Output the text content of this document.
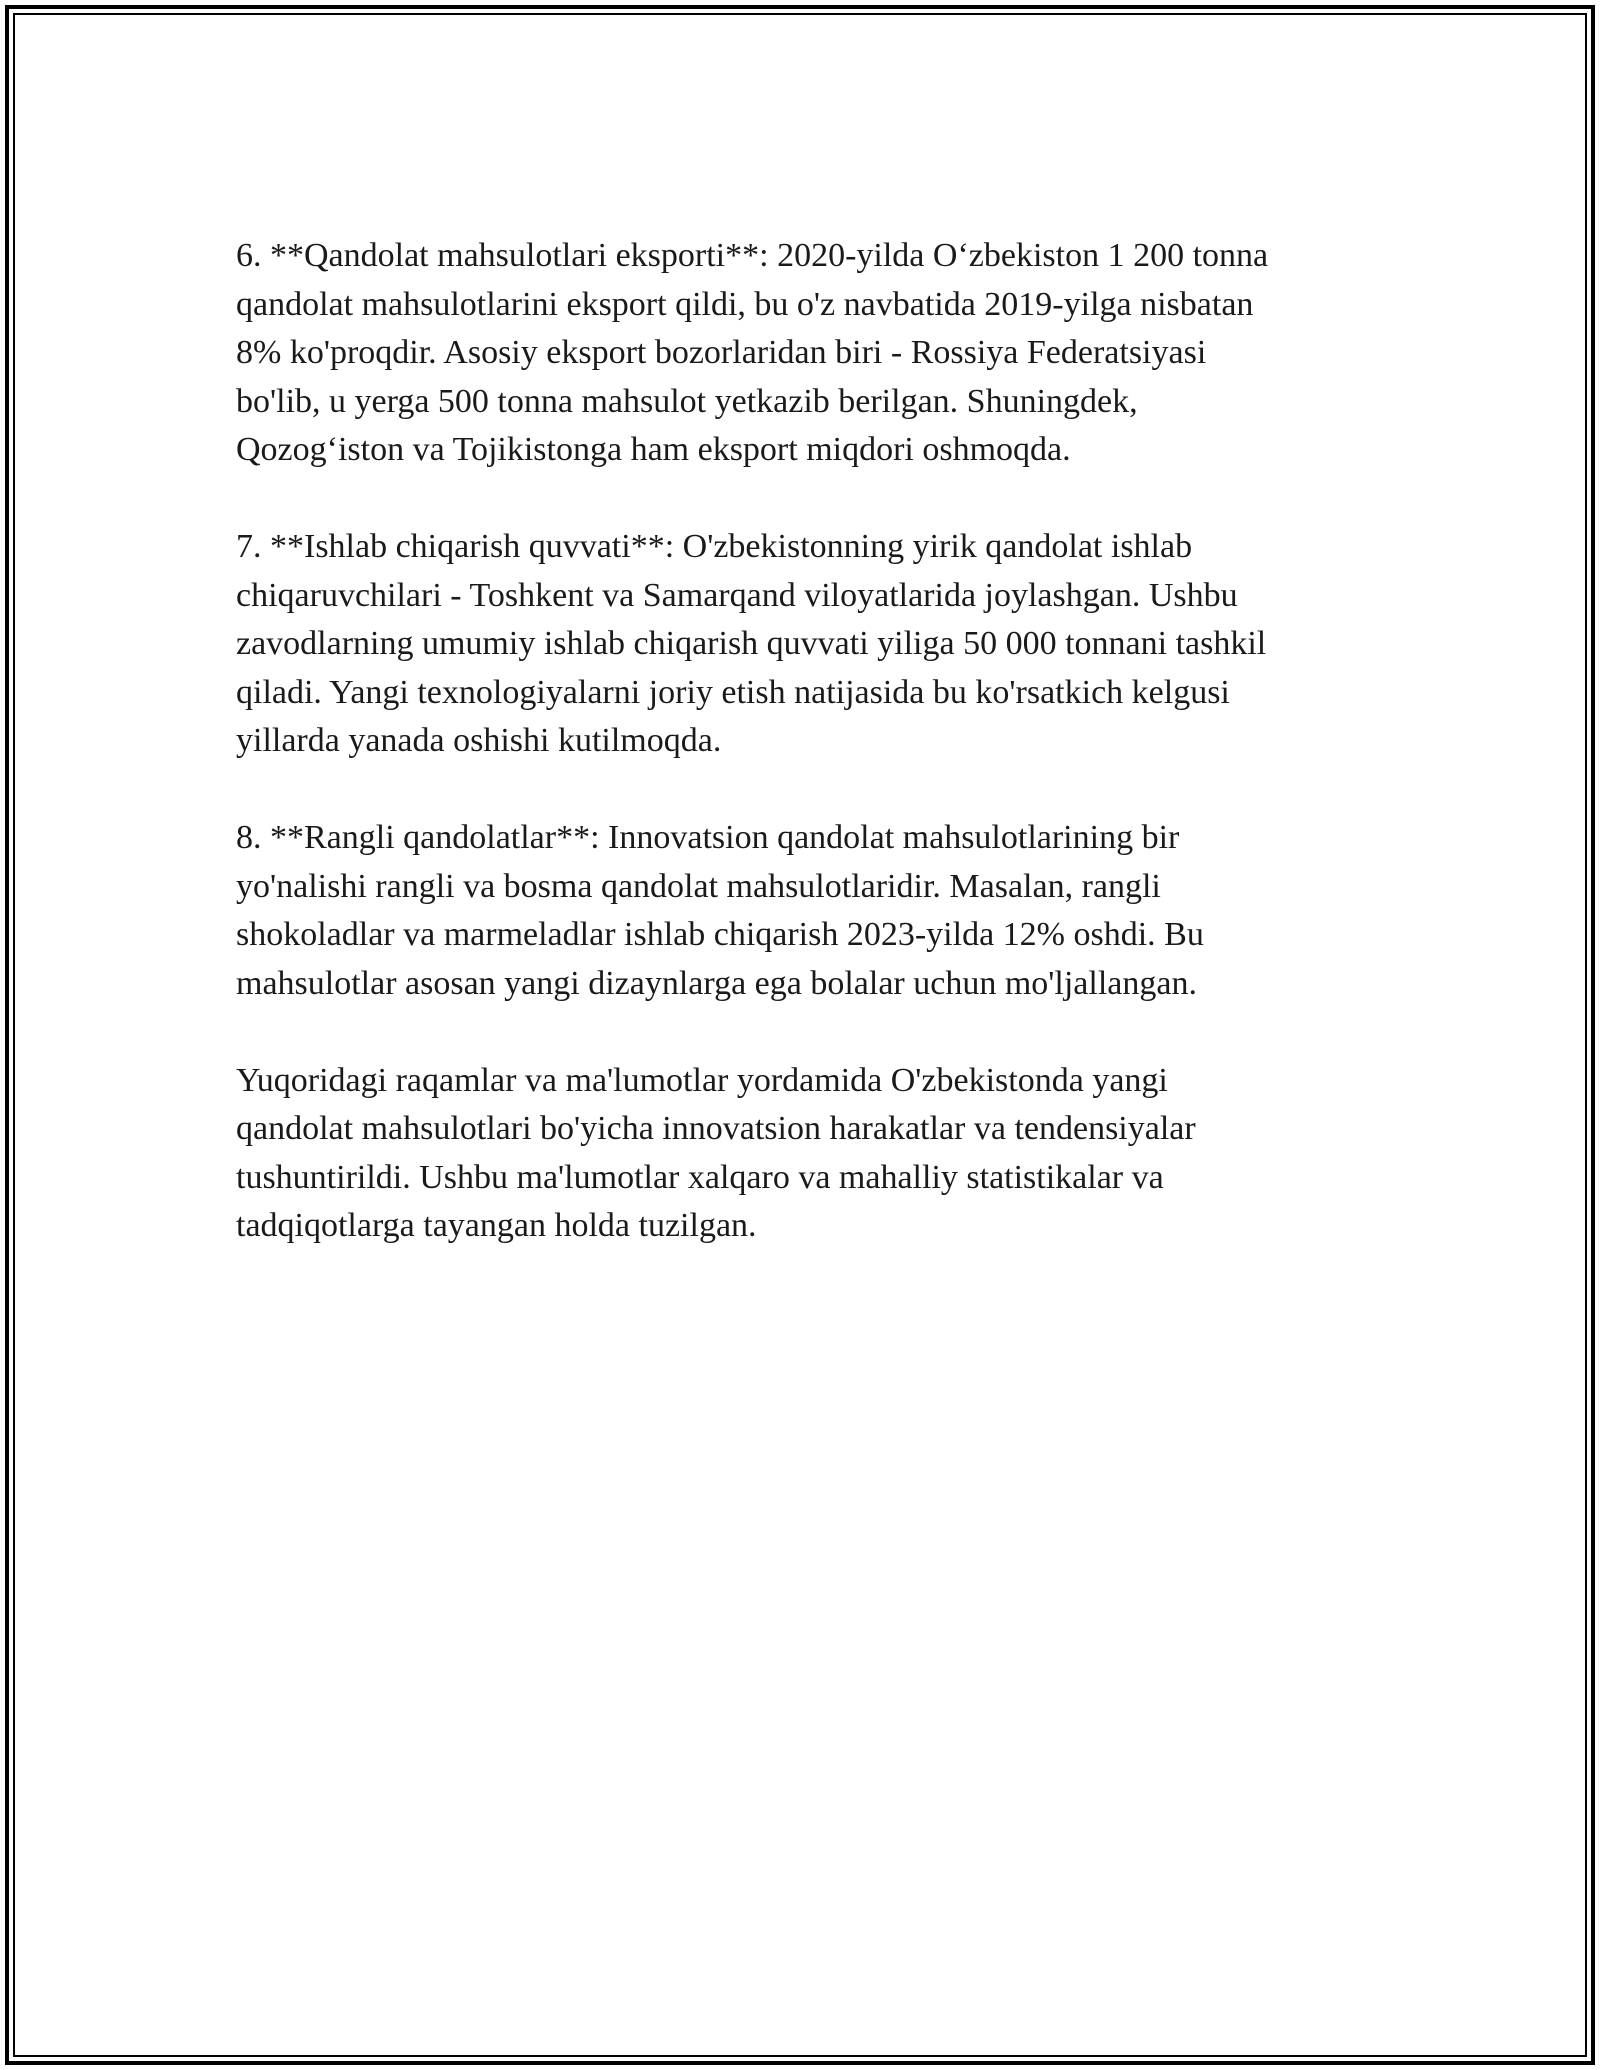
6. **Qandolat mahsulotlari eksporti**: 2020-yilda O‘zbekiston 1 200 tonna
qandolat mahsulotlarini eksport qildi, bu o'z navbatida 2019-yilga nisbatan
8% ko'proqdir. Asosiy eksport bozorlaridan biri - Rossiya Federatsiyasi
bo'lib, u yerga 500 tonna mahsulot yetkazib berilgan. Shuningdek,
Qozog‘iston va Tojikistonga ham eksport miqdori oshmoqda.

7. **Ishlab chiqarish quvvati**: O'zbekistonning yirik qandolat ishlab
chiqaruvchilari - Toshkent va Samarqand viloyatlarida joylashgan. Ushbu
zavodlarning umumiy ishlab chiqarish quvvati yiliga 50 000 tonnani tashkil
qiladi. Yangi texnologiyalarni joriy etish natijasida bu ko'rsatkich kelgusi
yillarda yanada oshishi kutilmoqda.

8. **Rangli qandolatlar**: Innovatsion qandolat mahsulotlarining bir
yo'nalishi rangli va bosma qandolat mahsulotlaridir. Masalan, rangli
shokoladlar va marmeladlar ishlab chiqarish 2023-yilda 12% oshdi. Bu
mahsulotlar asosan yangi dizaynlarga ega bolalar uchun mo'ljallangan.

Yuqoridagi raqamlar va ma'lumotlar yordamida O'zbekistonda yangi
qandolat mahsulotlari bo'yicha innovatsion harakatlar va tendensiyalar
tushuntirildi. Ushbu ma'lumotlar xalqaro va mahalliy statistikalar va
tadqiqotlarga tayangan holda tuzilgan.
